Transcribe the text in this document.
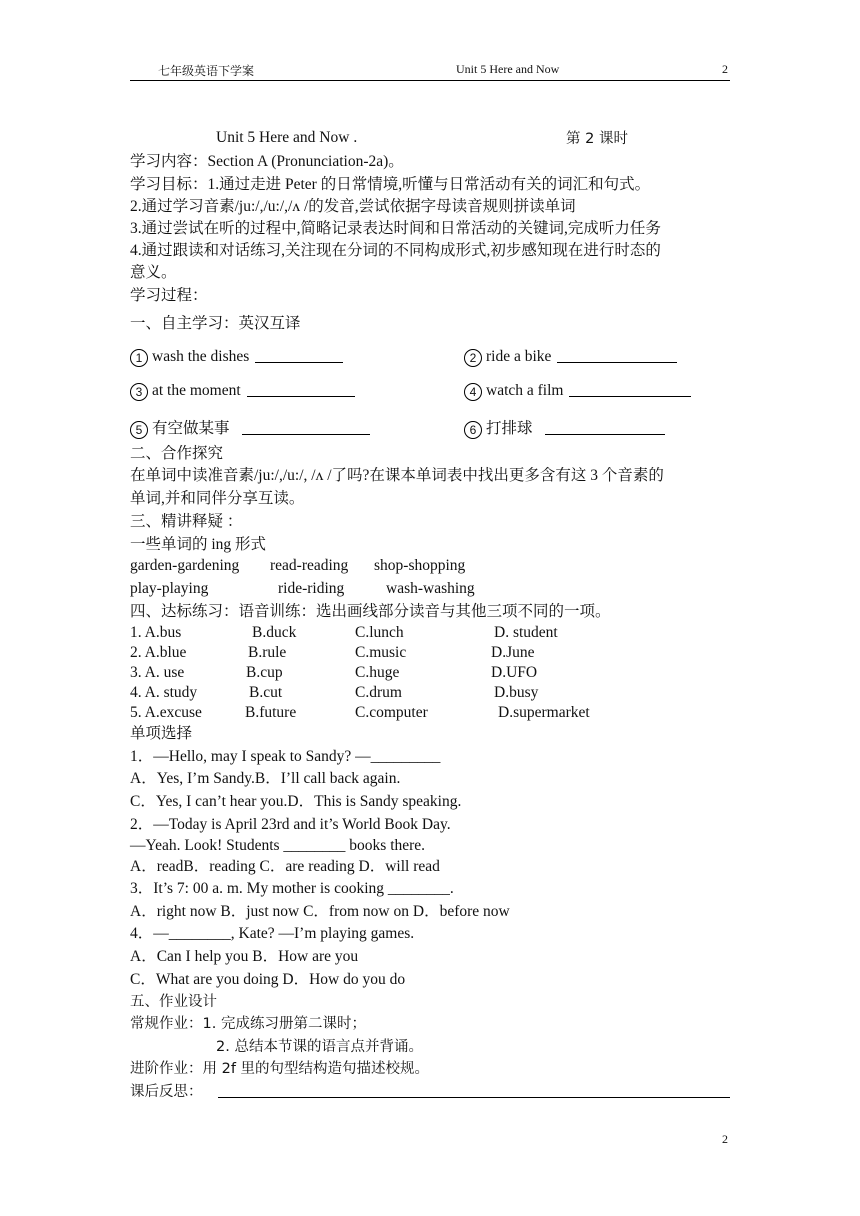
七年级英语下学案	Unit 5 Here and Now	2
Unit 5 Here and Now .	第 2 课时
学习内容：Section A (Pronunciation-2a)。
学习目标：1.通过走进 Peter 的日常情境,听懂与日常活动有关的词汇和句式。
2.通过学习音素/ju:/,/u:/,/ʌ /的发音,尝试依据字母读音规则拼读单词
3.通过尝试在听的过程中,简略记录表达时间和日常活动的关键词,完成听力任务
4.通过跟读和对话练习,关注现在分词的不同构成形式,初步感知现在进行时态的
意义。
学习过程：
一、自主学习：英汉互译
1 wash the dishes	2 ride a bike
3 at the moment	4 watch a film
5 有空做某事	6 打排球
二、合作探究
在单词中读准音素/ju:/,/u:/, /ʌ /了吗?在课本单词表中找出更多含有这 3 个音素的
单词,并和同伴分享互读。
三、精讲释疑 ：
一些单词的 ing 形式
garden-gardening read-reading shop-shopping
play-playing	ride-riding	wash-washing
四、达标练习：语音训练：选出画线部分读音与其他三项不同的一项。
1. A.bus	B.duck	C.lunch	D. student
2. A.blue	B.rule	C.music	D.June
3. A. use	B.cup	C.huge	D.UFO
4. A. study	B.cut	C.drum	D.busy
5. A.excuse	B.future	C.computer	D.supermarket
单项选择
1．—Hello, may I speak to Sandy? —_________
A．Yes, I’m Sandy.B．I’ll call back again.
C．Yes, I can’t hear you.D．This is Sandy speaking.
2．—Today is April 23rd and it’s World Book Day.
—Yeah. Look! Students ________ books there.
A．readB．reading C．are reading D．will read
3．It’s 7: 00 a. m. My mother is cooking ________.
A．right now B．just now C．from now on D．before now
4．—________, Kate? —I’m playing games.
A．Can I help you B．How are you
C．What are you doing D．How do you do
五、作业设计
常规作业：1. 完成练习册第二课时；
2. 总结本节课的语言点并背诵。
进阶作业：用 2f 里的句型结构造句描述校规。
课后反思：
2
